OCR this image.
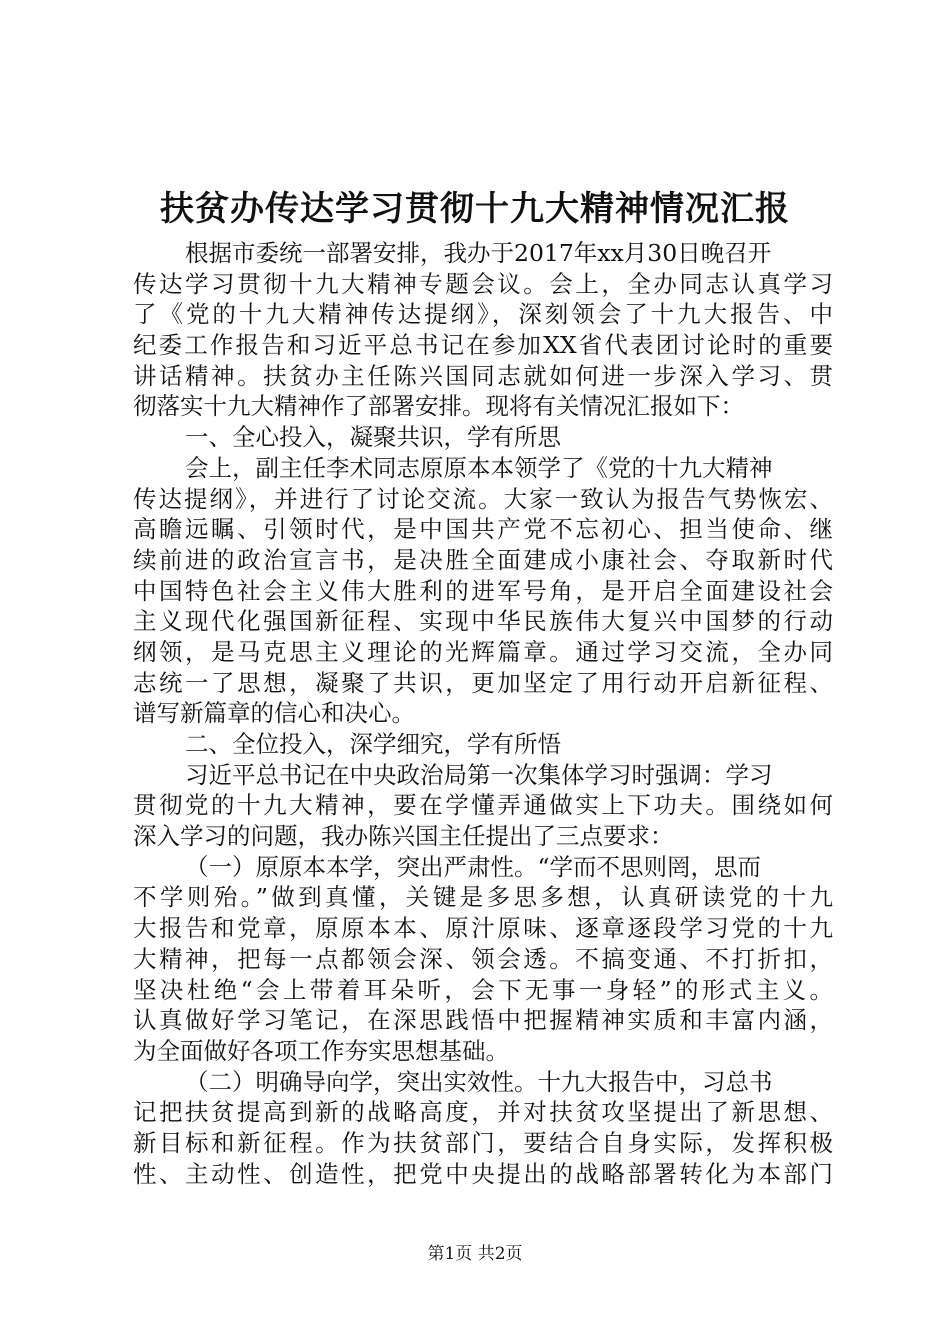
扶贫办传达学习贯彻十九大精神情况汇报
根据市委统一部署安排，我办于2017年xx月30日晚召开
传达学习贯彻十九大精神专题会议。会上，全办同志认真学习
了《党的十九大精神传达提纲》，深刻领会了十九大报告、中
纪委工作报告和习近平总书记在参加XX省代表团讨论时的重要
讲话精神。扶贫办主任陈兴国同志就如何进一步深入学习、贯
彻落实十九大精神作了部署安排。现将有关情况汇报如下：
一、全心投入，凝聚共识，学有所思
会上，副主任李术同志原原本本领学了《党的十九大精神
传达提纲》，并进行了讨论交流。大家一致认为报告气势恢宏、
高瞻远瞩、引领时代，是中国共产党不忘初心、担当使命、继
续前进的政治宣言书，是决胜全面建成小康社会、夺取新时代
中国特色社会主义伟大胜利的进军号角，是开启全面建设社会
主义现代化强国新征程、实现中华民族伟大复兴中国梦的行动
纲领，是马克思主义理论的光辉篇章。通过学习交流，全办同
志统一了思想，凝聚了共识，更加坚定了用行动开启新征程、
谱写新篇章的信心和决心。
二、全位投入，深学细究，学有所悟
习近平总书记在中央政治局第一次集体学习时强调：学习
贯彻党的十九大精神，要在学懂弄通做实上下功夫。围绕如何
深入学习的问题，我办陈兴国主任提出了三点要求：
（一）原原本本学，突出严肃性。“学而不思则罔，思而
不学则殆。”做到真懂，关键是多思多想，认真研读党的十九
大报告和党章，原原本本、原汁原味、逐章逐段学习党的十九
大精神，把每一点都领会深、领会透。不搞变通、不打折扣，
坚决杜绝“会上带着耳朵听，会下无事一身轻”的形式主义。
认真做好学习笔记，在深思践悟中把握精神实质和丰富内涵，
为全面做好各项工作夯实思想基础。
（二）明确导向学，突出实效性。十九大报告中，习总书
记把扶贫提高到新的战略高度，并对扶贫攻坚提出了新思想、
新目标和新征程。作为扶贫部门，要结合自身实际，发挥积极
性、主动性、创造性，把党中央提出的战略部署转化为本部门
第1页 共2页
